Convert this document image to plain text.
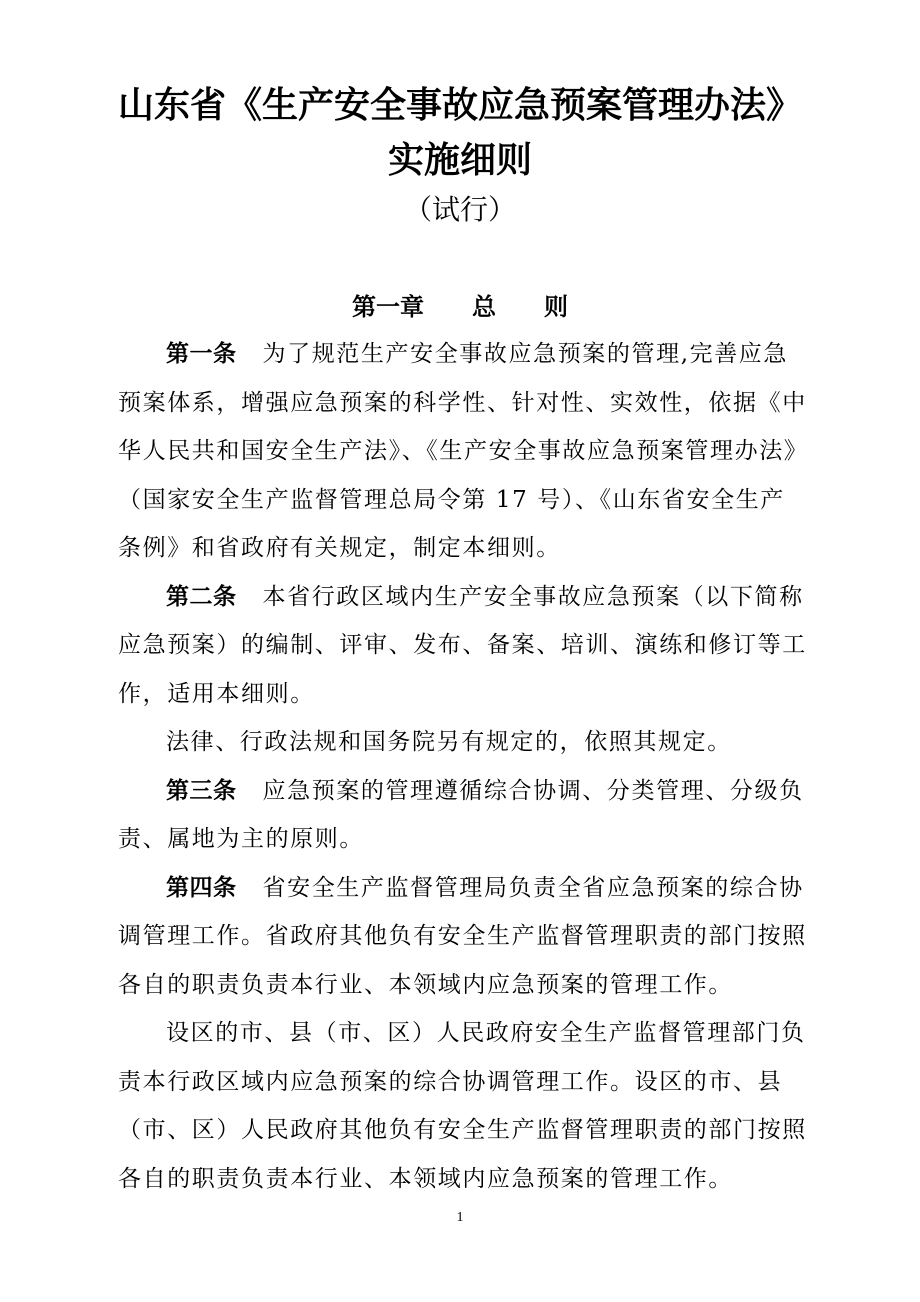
山东省《生产安全事故应急预案管理办法》
实施细则
（试行）
第一章　　总　　则

第一条 为了规范生产安全事故应急预案的管理,完善应急预案体系，增强应急预案的科学性、针对性、实效性，依据《中华人民共和国安全生产法》、《生产安全事故应急预案管理办法》（国家安全生产监督管理总局令第 17 号）、《山东省安全生产条例》和省政府有关规定，制定本细则。

第二条 本省行政区域内生产安全事故应急预案（以下简称应急预案）的编制、评审、发布、备案、培训、演练和修订等工作，适用本细则。

法律、行政法规和国务院另有规定的，依照其规定。

第三条 应急预案的管理遵循综合协调、分类管理、分级负责、属地为主的原则。

第四条 省安全生产监督管理局负责全省应急预案的综合协调管理工作。省政府其他负有安全生产监督管理职责的部门按照各自的职责负责本行业、本领域内应急预案的管理工作。

设区的市、县（市、区）人民政府安全生产监督管理部门负责本行政区域内应急预案的综合协调管理工作。设区的市、县（市、区）人民政府其他负有安全生产监督管理职责的部门按照各自的职责负责本行业、本领域内应急预案的管理工作。

1
